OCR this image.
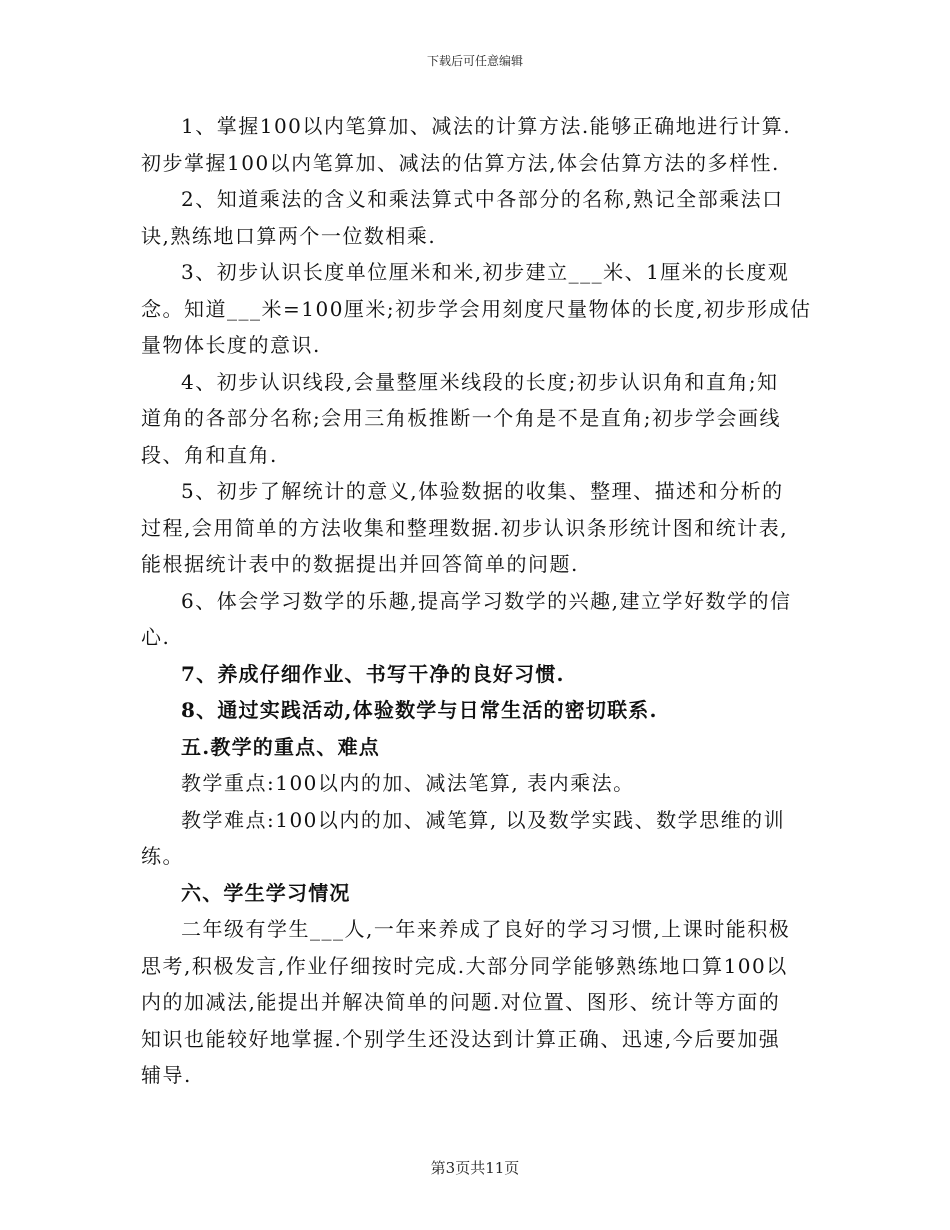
下载后可任意编辑

1、掌握100以内笔算加、减法的计算方法.能够正确地进行计算.
初步掌握100以内笔算加、减法的估算方法,体会估算方法的多样性.

2、知道乘法的含义和乘法算式中各部分的名称,熟记全部乘法口
诀,熟练地口算两个一位数相乘.

3、初步认识长度单位厘米和米,初步建立___米、1厘米的长度观
念。知道___米=100厘米;初步学会用刻度尺量物体的长度,初步形成估
量物体长度的意识.

4、初步认识线段,会量整厘米线段的长度;初步认识角和直角;知
道角的各部分名称;会用三角板推断一个角是不是直角;初步学会画线
段、角和直角.

5、初步了解统计的意义,体验数据的收集、整理、描述和分析的
过程,会用简单的方法收集和整理数据.初步认识条形统计图和统计表,
能根据统计表中的数据提出并回答简单的问题.

6、体会学习数学的乐趣,提高学习数学的兴趣,建立学好数学的信
心.

7、养成仔细作业、书写干净的良好习惯.

8、通过实践活动,体验数学与日常生活的密切联系.

五.教学的重点、难点

教学重点:100以内的加、减法笔算, 表内乘法。

教学难点:100以内的加、减笔算, 以及数学实践、数学思维的训
练。

六、学生学习情况

二年级有学生___人,一年来养成了良好的学习习惯,上课时能积极
思考,积极发言,作业仔细按时完成.大部分同学能够熟练地口算100以
内的加减法,能提出并解决简单的问题.对位置、图形、统计等方面的
知识也能较好地掌握.个别学生还没达到计算正确、迅速,今后要加强
辅导.

第3页共11页
